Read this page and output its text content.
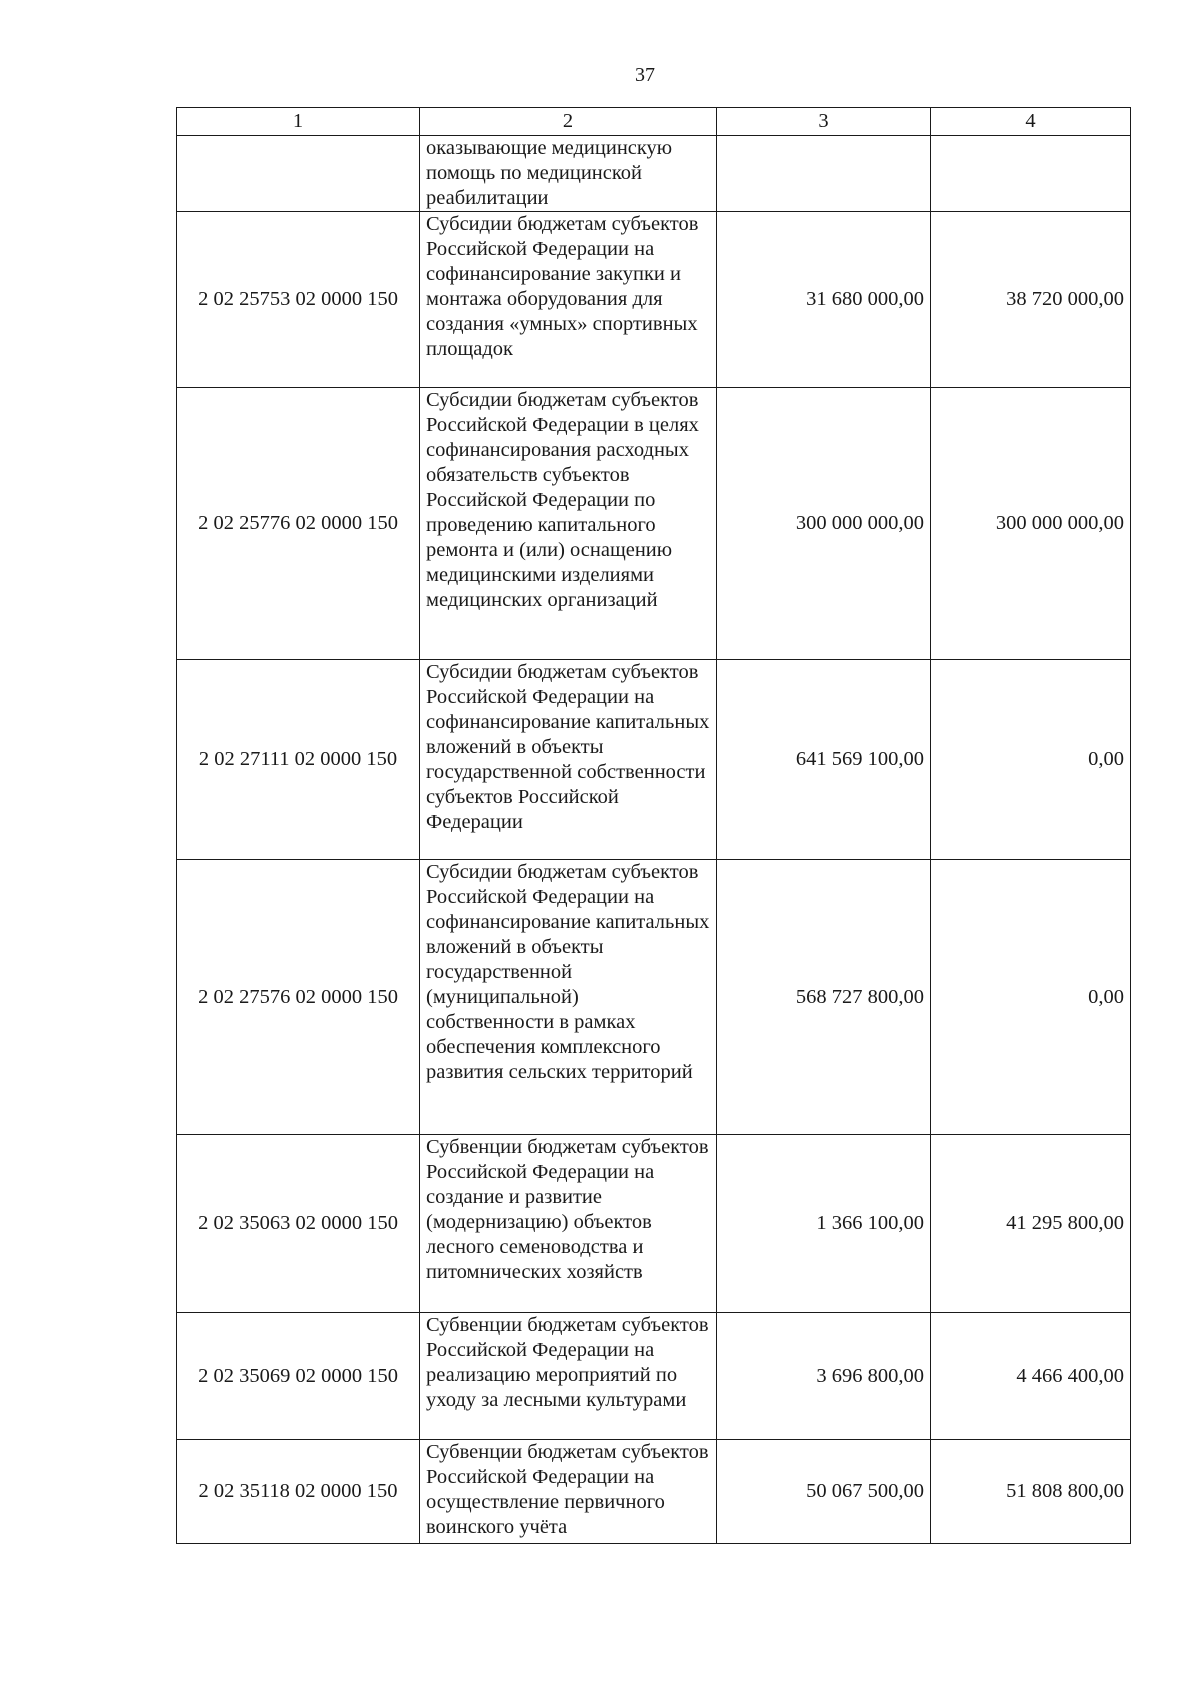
37
1	2	3	4
	оказывающие медицинскую помощь по медицинской реабилитации		
2 02 25753 02 0000 150	Субсидии бюджетам субъектов Российской Федерации на софинансирование закупки и монтажа оборудования для создания «умных» спортивных площадок	31 680 000,00	38 720 000,00
2 02 25776 02 0000 150	Субсидии бюджетам субъектов Российской Федерации в целях софинансирования расходных обязательств субъектов Российской Федерации по проведению капитального ремонта и (или) оснащению медицинскими изделиями медицинских организаций	300 000 000,00	300 000 000,00
2 02 27111 02 0000 150	Субсидии бюджетам субъектов Российской Федерации на софинансирование капитальных вложений в объекты государственной собственности субъектов Российской Федерации	641 569 100,00	0,00
2 02 27576 02 0000 150	Субсидии бюджетам субъектов Российской Федерации на софинансирование капитальных вложений в объекты государственной (муниципальной) собственности в рамках обеспечения комплексного развития сельских территорий	568 727 800,00	0,00
2 02 35063 02 0000 150	Субвенции бюджетам субъектов Российской Федерации на создание и развитие (модернизацию) объектов лесного семеноводства и питомнических хозяйств	1 366 100,00	41 295 800,00
2 02 35069 02 0000 150	Субвенции бюджетам субъектов Российской Федерации на реализацию мероприятий по уходу за лесными культурами	3 696 800,00	4 466 400,00
2 02 35118 02 0000 150	Субвенции бюджетам субъектов Российской Федерации на осуществление первичного воинского учёта	50 067 500,00	51 808 800,00
